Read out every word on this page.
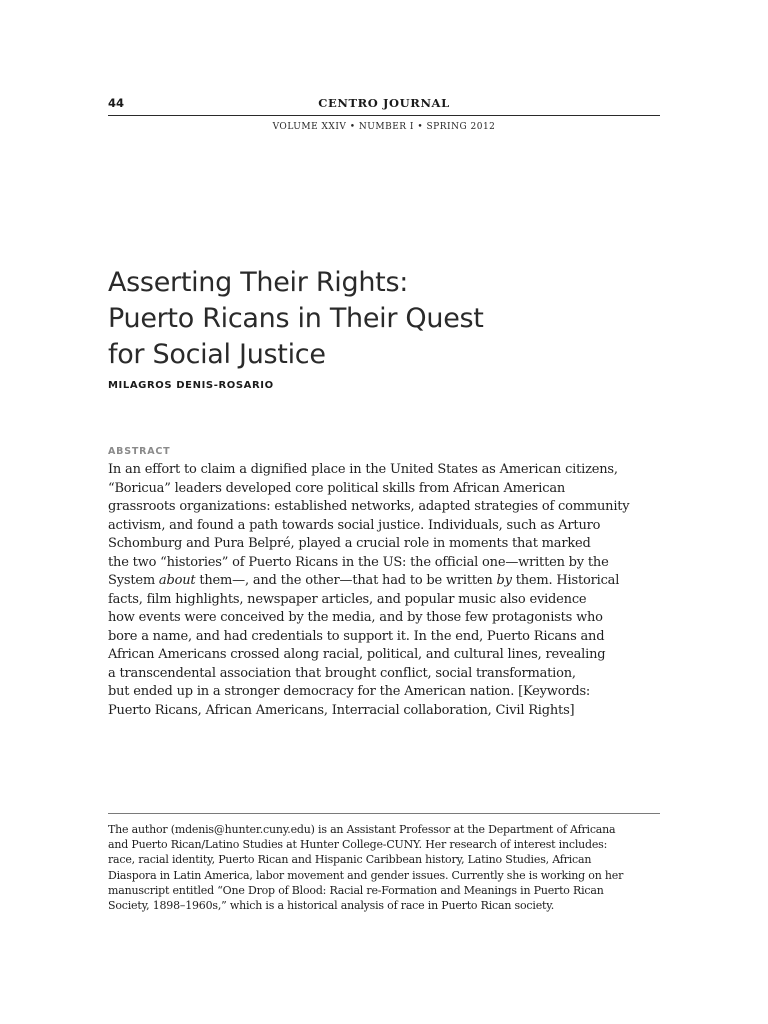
44	CENTRO JOURNAL
VOLUME XXIV • NUMBER I • SPRING 2012
Asserting Their Rights:
Puerto Ricans in Their Quest
for Social Justice
MILAGROS DENIS-ROSARIO
ABSTRACT
In an effort to claim a dignified place in the United States as American citizens,
“Boricua” leaders developed core political skills from African American
grassroots organizations: established networks, adapted strategies of community
activism, and found a path towards social justice. Individuals, such as Arturo
Schomburg and Pura Belpré, played a crucial role in moments that marked
the two “histories” of Puerto Ricans in the US: the official one—written by the
System about them—, and the other—that had to be written by them. Historical
facts, film highlights, newspaper articles, and popular music also evidence
how events were conceived by the media, and by those few protagonists who
bore a name, and had credentials to support it. In the end, Puerto Ricans and
African Americans crossed along racial, political, and cultural lines, revealing
a transcendental association that brought conflict, social transformation,
but ended up in a stronger democracy for the American nation. [Keywords:
Puerto Ricans, African Americans, Interracial collaboration, Civil Rights]
The author (mdenis@hunter.cuny.edu) is an Assistant Professor at the Department of Africana
and Puerto Rican/Latino Studies at Hunter College-CUNY. Her research of interest includes:
race, racial identity, Puerto Rican and Hispanic Caribbean history, Latino Studies, African
Diaspora in Latin America, labor movement and gender issues. Currently she is working on her
manuscript entitled “One Drop of Blood: Racial re-Formation and Meanings in Puerto Rican
Society, 1898–1960s,” which is a historical analysis of race in Puerto Rican society.
